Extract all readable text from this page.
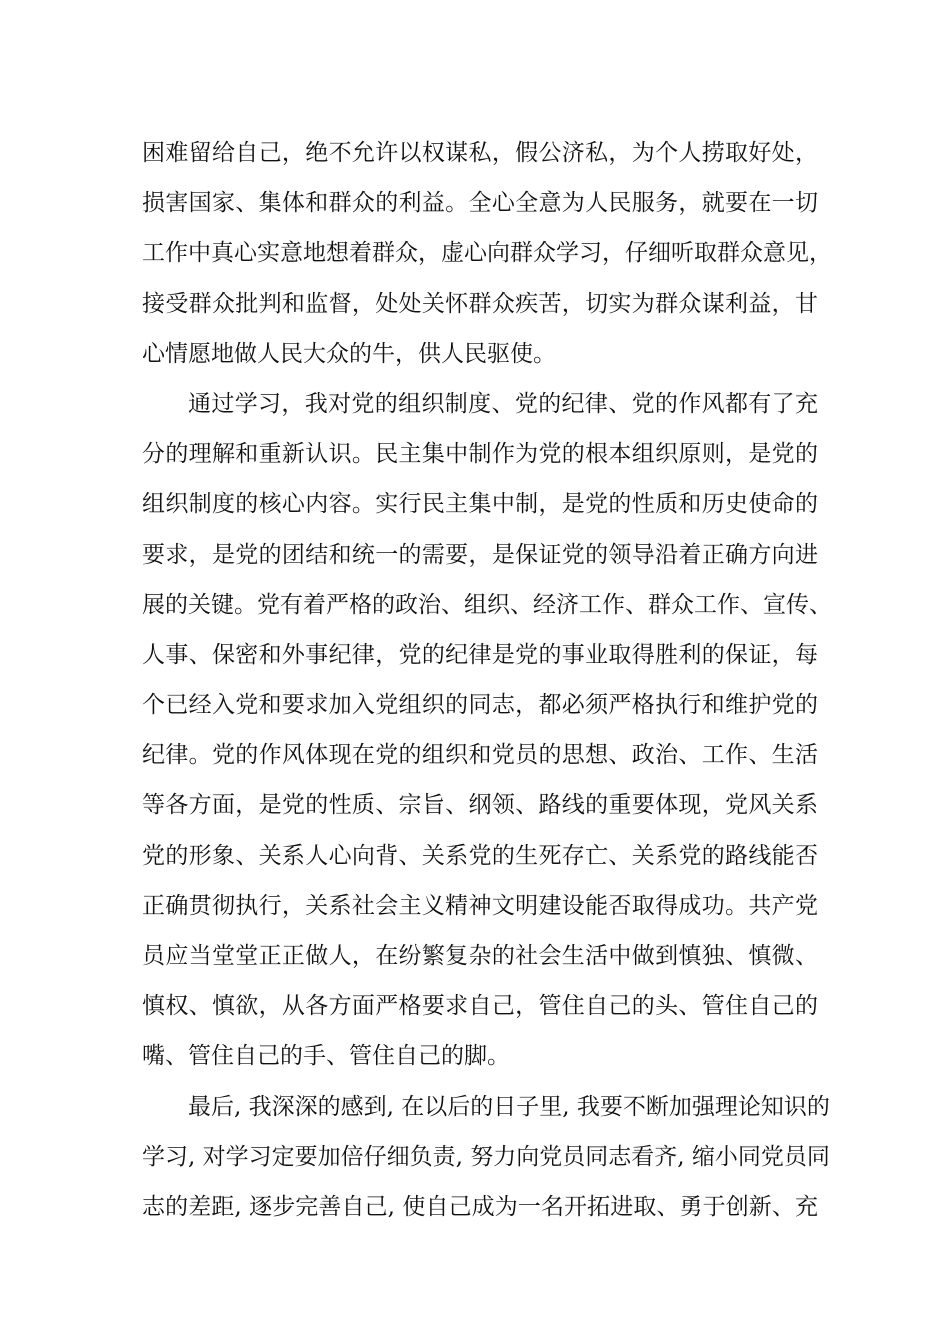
困难留给自己，绝不允许以权谋私，假公济私，为个人捞取好处，
损害国家、集体和群众的利益。全心全意为人民服务，就要在一切
工作中真心实意地想着群众，虚心向群众学习，仔细听取群众意见，
接受群众批判和监督，处处关怀群众疾苦，切实为群众谋利益，甘
心情愿地做人民大众的牛，供人民驱使。
通过学习，我对党的组织制度、党的纪律、党的作风都有了充
分的理解和重新认识。民主集中制作为党的根本组织原则，是党的
组织制度的核心内容。实行民主集中制，是党的性质和历史使命的
要求，是党的团结和统一的需要，是保证党的领导沿着正确方向进
展的关键。党有着严格的政治、组织、经济工作、群众工作、宣传、
人事、保密和外事纪律，党的纪律是党的事业取得胜利的保证，每
个已经入党和要求加入党组织的同志，都必须严格执行和维护党的
纪律。党的作风体现在党的组织和党员的思想、政治、工作、生活
等各方面，是党的性质、宗旨、纲领、路线的重要体现，党风关系
党的形象、关系人心向背、关系党的生死存亡、关系党的路线能否
正确贯彻执行，关系社会主义精神文明建设能否取得成功。共产党
员应当堂堂正正做人，在纷繁复杂的社会生活中做到慎独、慎微、
慎权、慎欲，从各方面严格要求自己，管住自己的头、管住自己的
嘴、管住自己的手、管住自己的脚。
最后, 我深深的感到, 在以后的日子里, 我要不断加强理论知识的
学习, 对学习定要加倍仔细负责, 努力向党员同志看齐, 缩小同党员同
志的差距, 逐步完善自己, 使自己成为一名开拓进取、勇于创新、充
